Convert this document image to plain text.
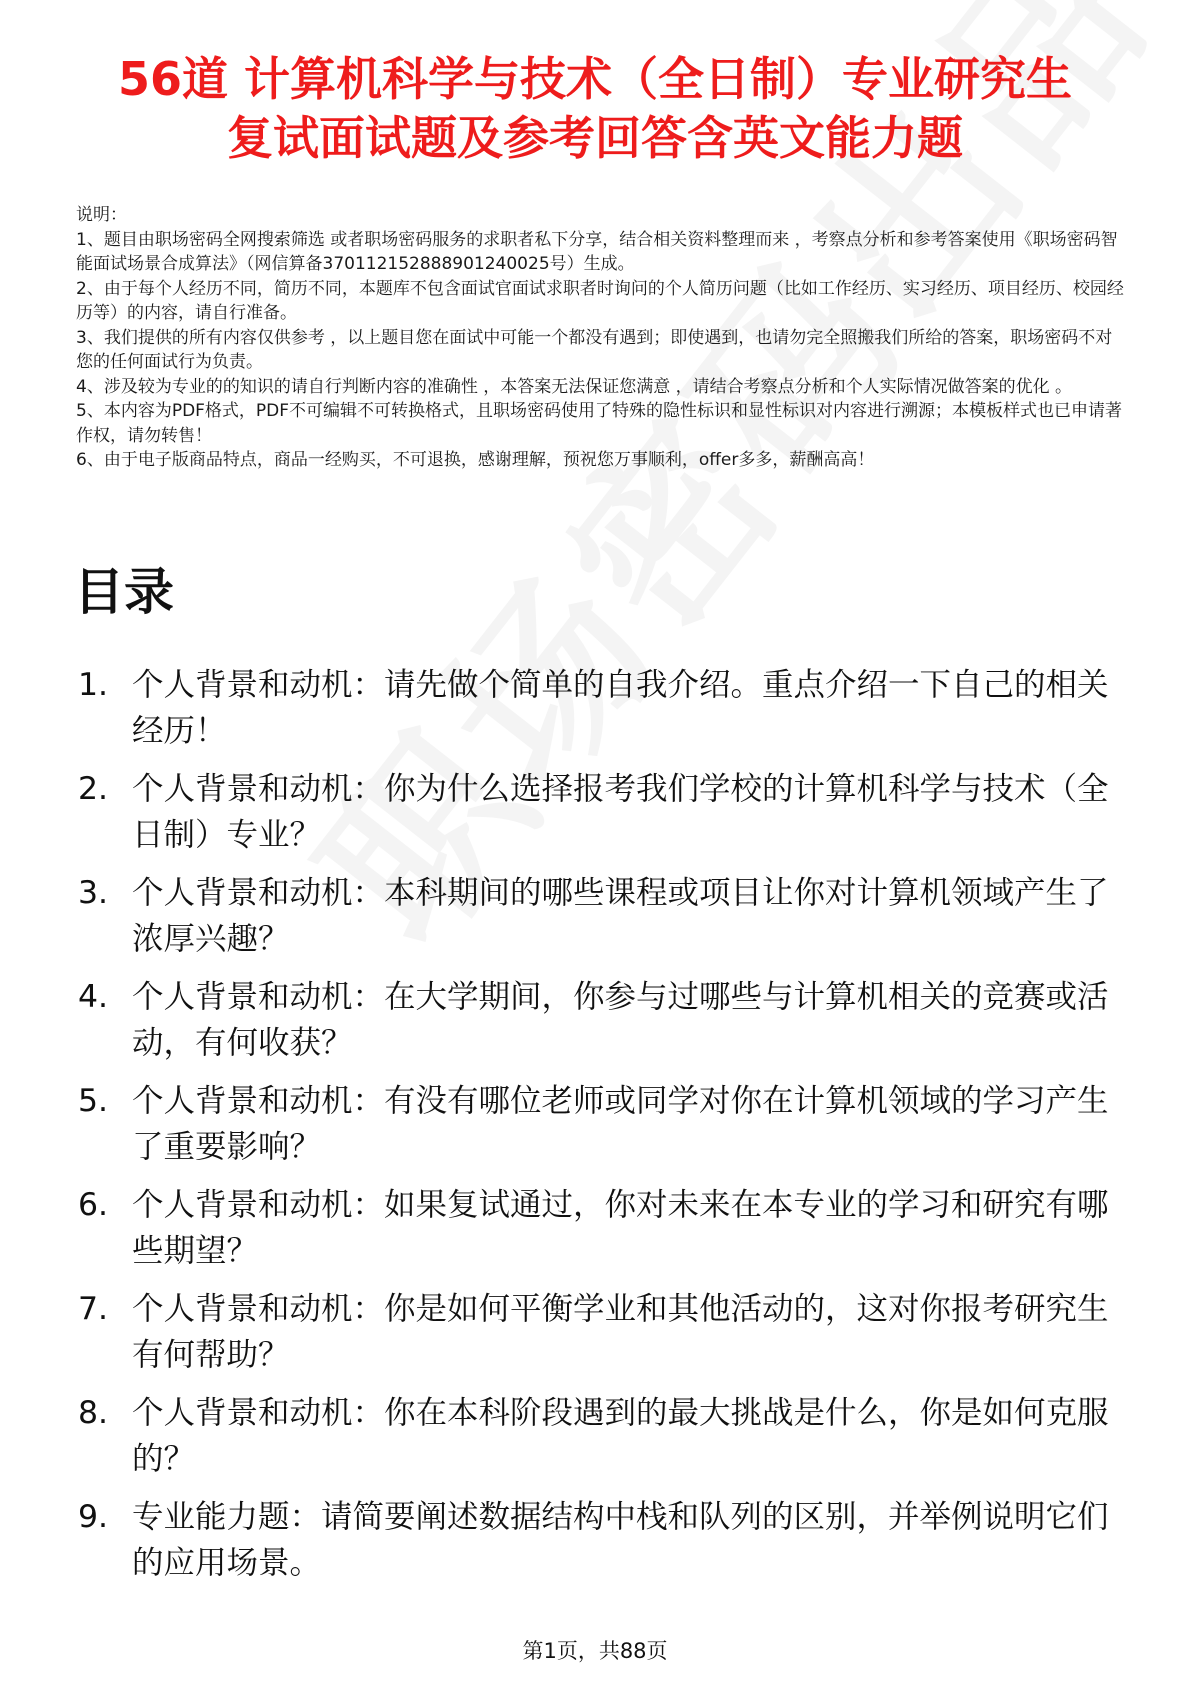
56道 计算机科学与技术（全日制）专业研究生
复试面试题及参考回答含英文能力题

说明：

1、题目由职场密码全网搜索筛选 或者职场密码服务的求职者私下分享，结合相关资料整理而来 ，考察点分析和参考答案使用《职场密码智能面试场景合成算法》（网信算备370112152888901240025号）生成。

2、由于每个人经历不同，简历不同，本题库不包含面试官面试求职者时询问的个人简历问题（比如工作经历、实习经历、项目经历、校园经历等）的内容，请自行准备。

3、我们提供的所有内容仅供参考 ，以上题目您在面试中可能一个都没有遇到；即使遇到，也请勿完全照搬我们所给的答案，职场密码不对您的任何面试行为负责。

4、涉及较为专业的的知识的请自行判断内容的准确性 ，本答案无法保证您满意 ，请结合考察点分析和个人实际情况做答案的优化 。

5、本内容为PDF格式，PDF不可编辑不可转换格式，且职场密码使用了特殊的隐性标识和显性标识对内容进行溯源；本模板样式也已申请著作权，请勿转售！

6、由于电子版商品特点，商品一经购买，不可退换，感谢理解，预祝您万事顺利，offer多多，薪酬高高！

目录
1. 个人背景和动机：请先做个简单的自我介绍。重点介绍一下自己的相关经历！
2. 个人背景和动机：你为什么选择报考我们学校的计算机科学与技术（全日制）专业？
3. 个人背景和动机：本科期间的哪些课程或项目让你对计算机领域产生了浓厚兴趣？
4. 个人背景和动机：在大学期间，你参与过哪些与计算机相关的竞赛或活动，有何收获？
5. 个人背景和动机：有没有哪位老师或同学对你在计算机领域的学习产生了重要影响？
6. 个人背景和动机：如果复试通过，你对未来在本专业的学习和研究有哪些期望？
7. 个人背景和动机：你是如何平衡学业和其他活动的，这对你报考研究生有何帮助？
8. 个人背景和动机：你在本科阶段遇到的最大挑战是什么，你是如何克服的？
9. 专业能力题：请简要阐述数据结构中栈和队列的区别，并举例说明它们的应用场景。
第1页，共88页
